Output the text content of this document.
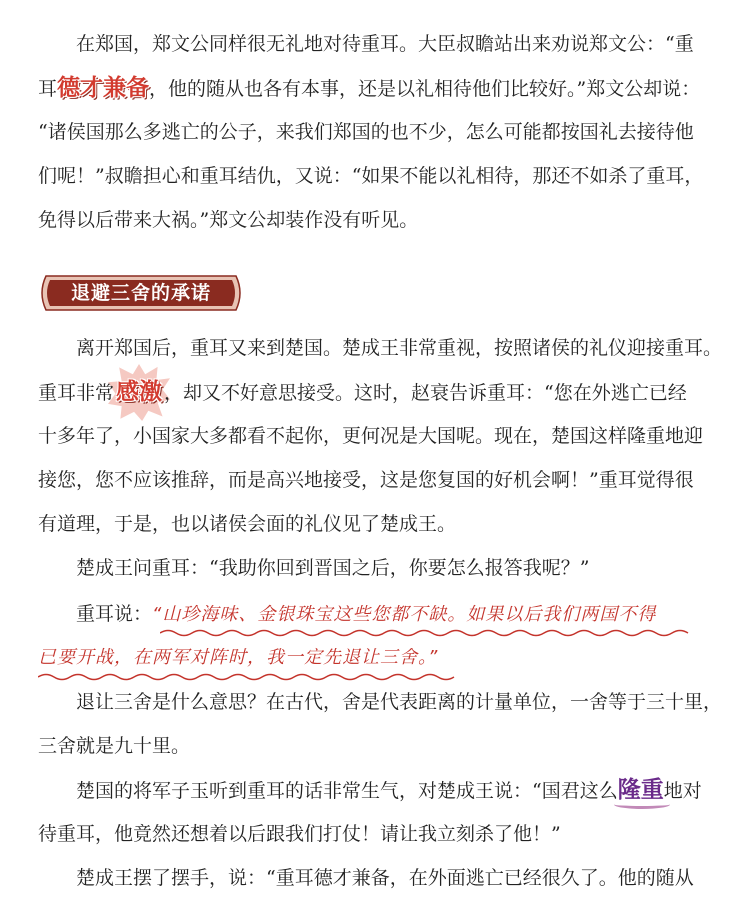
在郑国，郑文公同样很无礼地对待重耳。大臣叔瞻站出来劝说郑文公：“重
耳德才兼备，他的随从也各有本事，还是以礼相待他们比较好。”郑文公却说：
“诸侯国那么多逃亡的公子，来我们郑国的也不少，怎么可能都按国礼去接待他
们呢！”叔瞻担心和重耳结仇，又说：“如果不能以礼相待，那还不如杀了重耳，
免得以后带来大祸。”郑文公却装作没有听见。
退避三舍的承诺
离开郑国后，重耳又来到楚国。楚成王非常重视，按照诸侯的礼仪迎接重耳。
重耳非常感激 ，却又不好意思接受。这时，赵衰告诉重耳：“您在外逃亡已经
十多年了，小国家大多都看不起你，更何况是大国呢。现在，楚国这样隆重地迎
接您，您不应该推辞，而是高兴地接受，这是您复国的好机会啊！”重耳觉得很
有道理，于是，也以诸侯会面的礼仪见了楚成王。
楚成王问重耳：“我助你回到晋国之后，你要怎么报答我呢？”
重耳说：“山珍海味、金银珠宝这些您都不缺。如果以后我们两国不得
已要开战，在两军对阵时，我一定先退让三舍。”
退让三舍是什么意思？在古代，舍是代表距离的计量单位，一舍等于三十里，
三舍就是九十里。
楚国的将军子玉听到重耳的话非常生气，对楚成王说：“国君这么隆重地对
待重耳，他竟然还想着以后跟我们打仗！请让我立刻杀了他！”
楚成王摆了摆手，说：“重耳德才兼备，在外面逃亡已经很久了。他的随从
